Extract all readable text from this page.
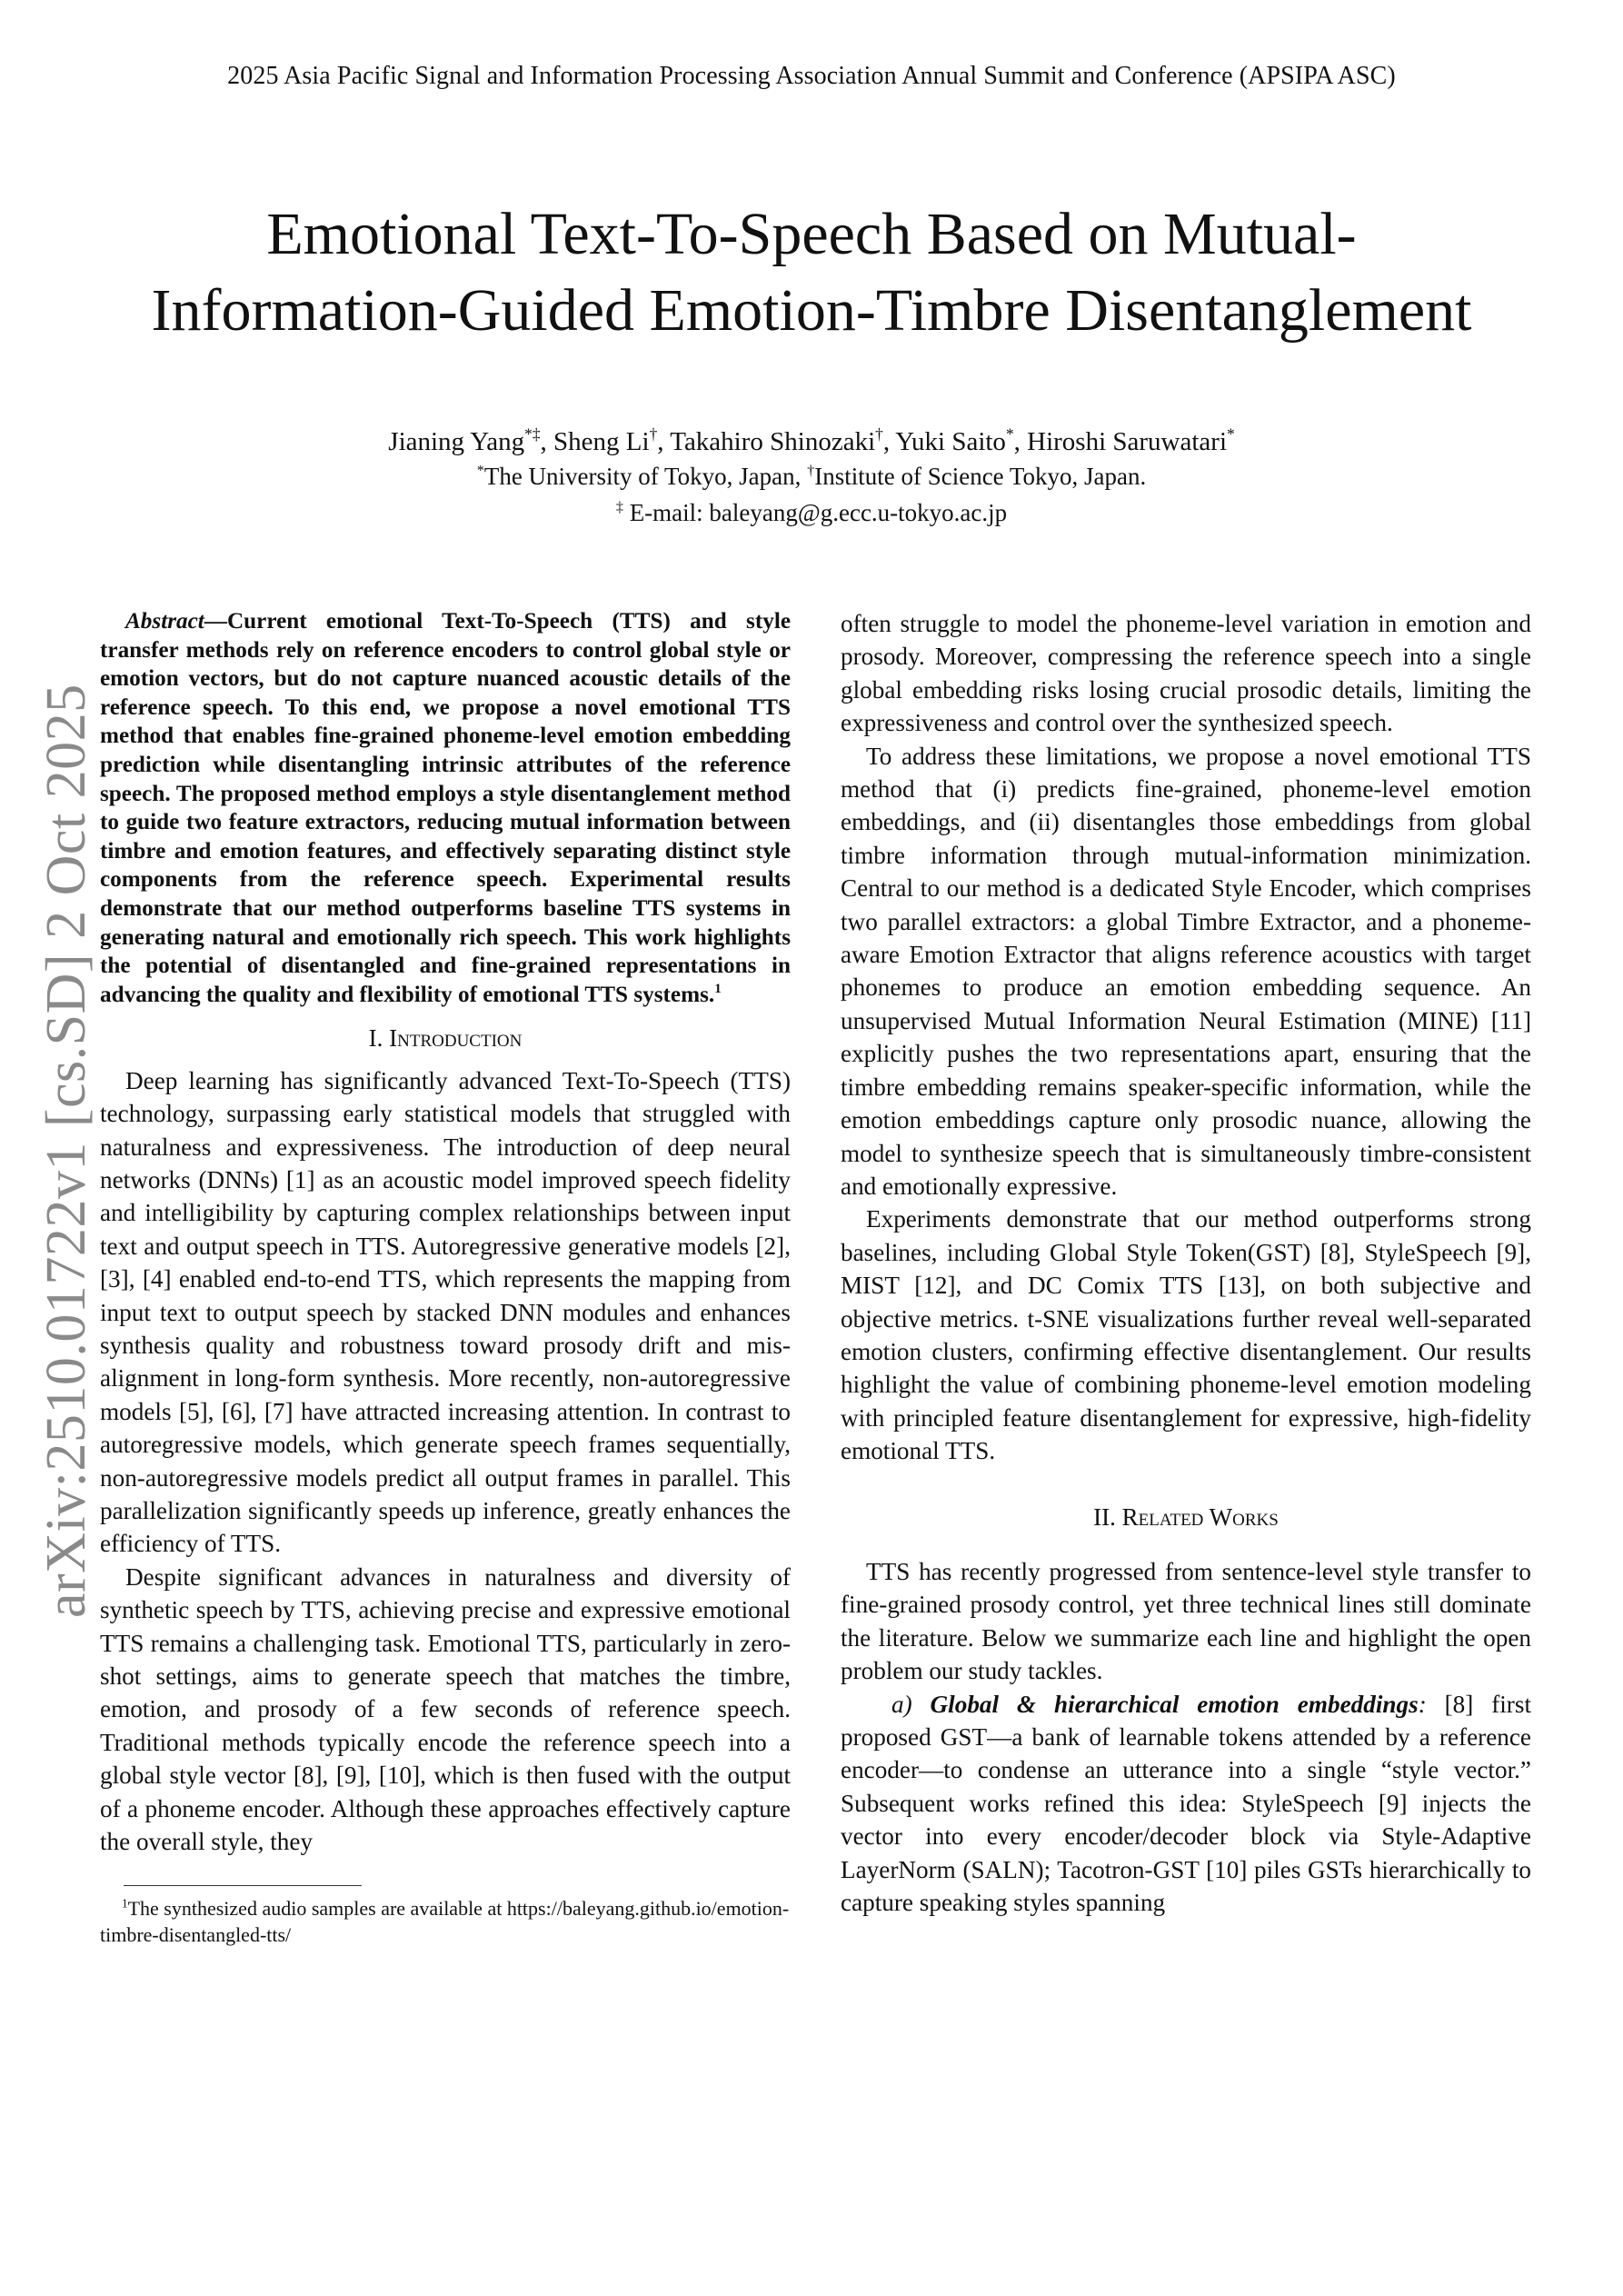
2025 Asia Pacific Signal and Information Processing Association Annual Summit and Conference (APSIPA ASC)
Emotional Text-To-Speech Based on Mutual-Information-Guided Emotion-Timbre Disentanglement
Jianing Yang*‡, Sheng Li†, Takahiro Shinozaki†, Yuki Saito*, Hiroshi Saruwatari*
*The University of Tokyo, Japan, †Institute of Science Tokyo, Japan.
‡ E-mail: baleyang@g.ecc.u-tokyo.ac.jp
arXiv:2510.01722v1 [cs.SD] 2 Oct 2025

Abstract—Current emotional Text-To-Speech (TTS) and style transfer methods rely on reference encoders to control global style or emotion vectors, but do not capture nuanced acoustic details of the reference speech. To this end, we propose a novel emotional TTS method that enables fine-grained phoneme-level emotion embedding prediction while disentangling intrinsic attributes of the reference speech. The proposed method employs a style disentanglement method to guide two feature extractors, reducing mutual information between timbre and emotion features, and effectively separating distinct style components from the reference speech. Experimental results demonstrate that our method outperforms baseline TTS systems in generating natural and emotionally rich speech. This work highlights the potential of disentangled and fine-grained representations in advancing the quality and flexibility of emotional TTS systems.$^1$

I. Introduction

Deep learning has significantly advanced Text-To-Speech (TTS) technology, surpassing early statistical models that struggled with naturalness and expressiveness. The introduction of deep neural networks (DNNs) [1] as an acoustic model improved speech fidelity and intelligibility by capturing complex relationships between input text and output speech in TTS. Autoregressive generative models [2], [3], [4] enabled end-to-end TTS, which represents the mapping from input text to output speech by stacked DNN modules and enhances synthesis quality and robustness toward prosody drift and mis-alignment in long-form synthesis. More recently, non-autoregressive models [5], [6], [7] have attracted increasing attention. In contrast to autoregressive models, which generate speech frames sequentially, non-autoregressive models predict all output frames in parallel. This parallelization significantly speeds up inference, greatly enhances the efficiency of TTS.

Despite significant advances in naturalness and diversity of synthetic speech by TTS, achieving precise and expressive emotional TTS remains a challenging task. Emotional TTS, particularly in zero-shot settings, aims to generate speech that matches the timbre, emotion, and prosody of a few seconds of reference speech. Traditional methods typically encode the reference speech into a global style vector [8], [9], [10], which is then fused with the output of a phoneme encoder. Although these approaches effectively capture the overall style, they

$^1$The synthesized audio samples are available at https://baleyang.github.io/emotion-timbre-disentangled-tts/

often struggle to model the phoneme-level variation in emotion and prosody. Moreover, compressing the reference speech into a single global embedding risks losing crucial prosodic details, limiting the expressiveness and control over the synthesized speech.

To address these limitations, we propose a novel emotional TTS method that (i) predicts fine-grained, phoneme-level emotion embeddings, and (ii) disentangles those embeddings from global timbre information through mutual-information minimization. Central to our method is a dedicated Style Encoder, which comprises two parallel extractors: a global Timbre Extractor, and a phoneme-aware Emotion Extractor that aligns reference acoustics with target phonemes to produce an emotion embedding sequence. An unsupervised Mutual Information Neural Estimation (MINE) [11] explicitly pushes the two representations apart, ensuring that the timbre embedding remains speaker-specific information, while the emotion embeddings capture only prosodic nuance, allowing the model to synthesize speech that is simultaneously timbre-consistent and emotionally expressive.

Experiments demonstrate that our method outperforms strong baselines, including Global Style Token(GST) [8], StyleSpeech [9], MIST [12], and DC Comix TTS [13], on both subjective and objective metrics. t-SNE visualizations further reveal well-separated emotion clusters, confirming effective disentanglement. Our results highlight the value of combining phoneme-level emotion modeling with principled feature disentanglement for expressive, high-fidelity emotional TTS.

II. Related Works

TTS has recently progressed from sentence-level style transfer to fine-grained prosody control, yet three technical lines still dominate the literature. Below we summarize each line and highlight the open problem our study tackles.

a) Global & hierarchical emotion embeddings: [8] first proposed GST—a bank of learnable tokens attended by a reference encoder—to condense an utterance into a single “style vector.” Subsequent works refined this idea: StyleSpeech [9] injects the vector into every encoder/decoder block via Style-Adaptive LayerNorm (SALN); Tacotron-GST [10] piles GSTs hierarchically to capture speaking styles spanning
